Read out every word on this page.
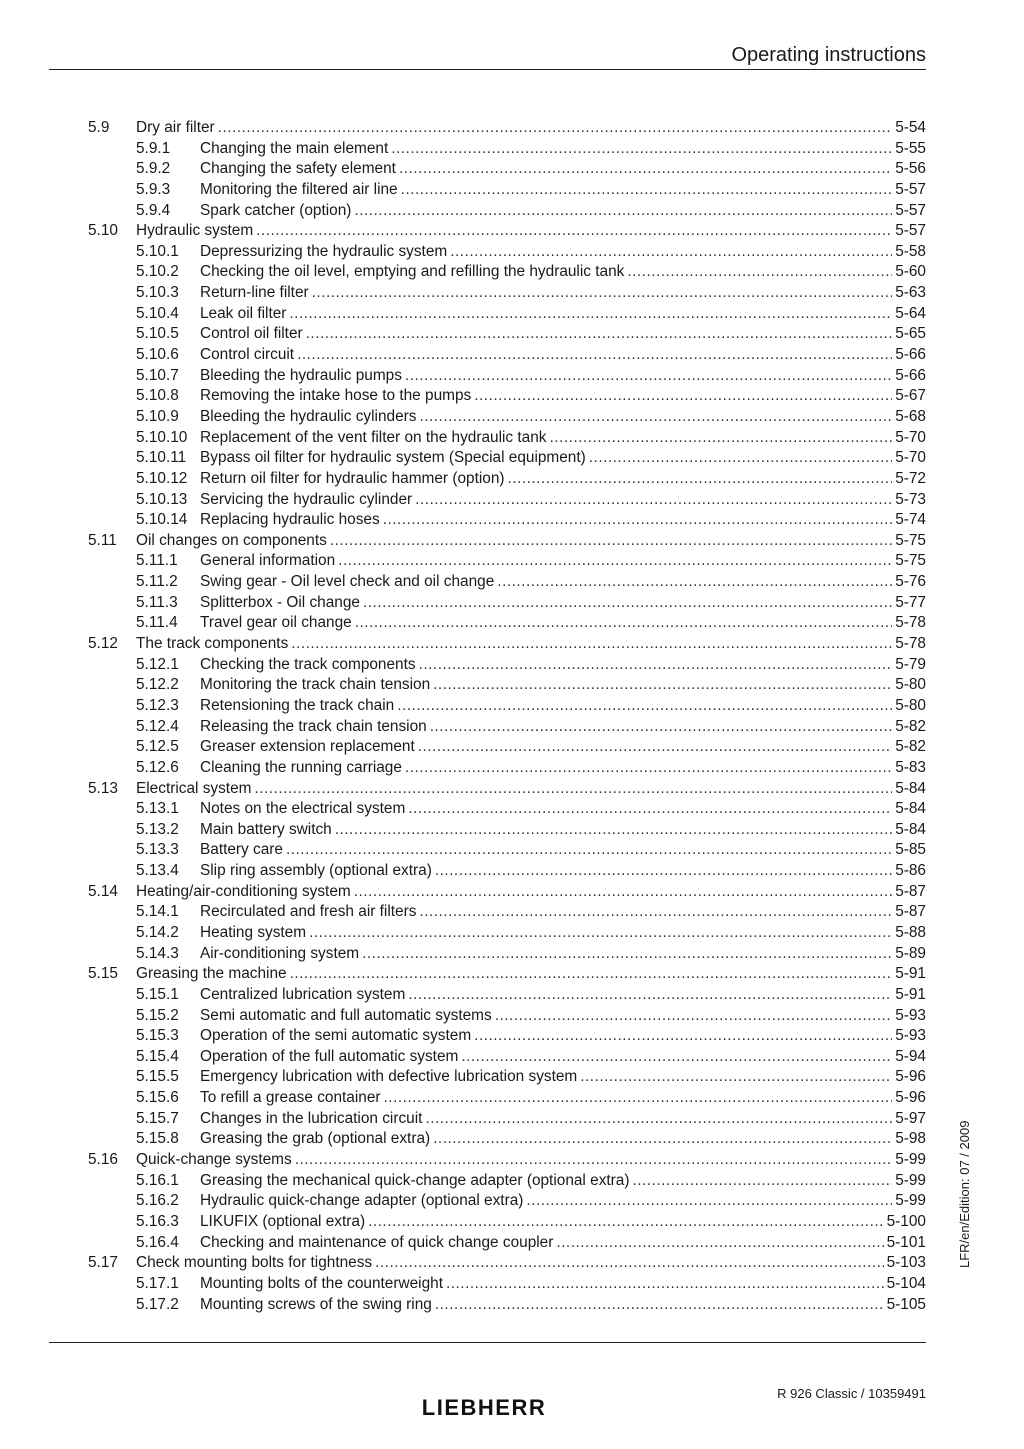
Operating instructions
5.9	Dry air filter .....	5-54
5.9.1	Changing the main element .....	5-55
5.9.2	Changing the safety element .....	5-56
5.9.3	Monitoring the filtered air line .....	5-57
5.9.4	Spark catcher (option) .....	5-57
5.10	Hydraulic system .....	5-57
5.10.1	Depressurizing the hydraulic system .....	5-58
5.10.2	Checking the oil level, emptying and refilling the hydraulic tank .....	5-60
5.10.3	Return-line filter .....	5-63
5.10.4	Leak oil filter .....	5-64
5.10.5	Control oil filter .....	5-65
5.10.6	Control circuit .....	5-66
5.10.7	Bleeding the hydraulic pumps .....	5-66
5.10.8	Removing the intake hose to the pumps .....	5-67
5.10.9	Bleeding the hydraulic cylinders .....	5-68
5.10.10 Replacement of the vent filter on the hydraulic tank .....	5-70
5.10.11 Bypass oil filter for hydraulic system (Special equipment) .....	5-70
5.10.12 Return oil filter for hydraulic hammer (option) .....	5-72
5.10.13 Servicing the hydraulic cylinder .....	5-73
5.10.14 Replacing hydraulic hoses .....	5-74
5.11	Oil changes on components .....	5-75
5.11.1	General information .....	5-75
5.11.2	Swing gear - Oil level check and oil change .....	5-76
5.11.3	Splitterbox - Oil change .....	5-77
5.11.4	Travel gear oil change .....	5-78
5.12	The track components .....	5-78
5.12.1	Checking the track components .....	5-79
5.12.2	Monitoring the track chain tension .....	5-80
5.12.3	Retensioning the track chain .....	5-80
5.12.4	Releasing the track chain tension .....	5-82
5.12.5	Greaser extension replacement .....	5-82
5.12.6	Cleaning the running carriage .....	5-83
5.13	Electrical system .....	5-84
5.13.1	Notes on the electrical system .....	5-84
5.13.2	Main battery switch .....	5-84
5.13.3	Battery care .....	5-85
5.13.4	Slip ring assembly (optional extra) .....	5-86
5.14	Heating/air-conditioning system .....	5-87
5.14.1	Recirculated and fresh air filters .....	5-87
5.14.2	Heating system .....	5-88
5.14.3	Air-conditioning system .....	5-89
5.15	Greasing the machine .....	5-91
5.15.1	Centralized lubrication system .....	5-91
5.15.2	Semi automatic and full automatic systems .....	5-93
5.15.3	Operation of the semi automatic system .....	5-93
5.15.4	Operation of the full automatic system .....	5-94
5.15.5	Emergency lubrication with defective lubrication system .....	5-96
5.15.6	To refill a grease container .....	5-96
5.15.7	Changes in the lubrication circuit .....	5-97
5.15.8	Greasing the grab (optional extra) .....	5-98
5.16	Quick-change systems .....	5-99
5.16.1	Greasing the mechanical quick-change adapter (optional extra) .....	5-99
5.16.2	Hydraulic quick-change adapter (optional extra) .....	5-99
5.16.3	LIKUFIX (optional extra) .....	5-100
5.16.4	Checking and maintenance of quick change coupler .....	5-101
5.17	Check mounting bolts for tightness .....	5-103
5.17.1	Mounting bolts of the counterweight .....	5-104
5.17.2	Mounting screws of the swing ring .....	5-105
LFR/en/Edition: 07 / 2009
LIEBHERR
R 926 Classic / 10359491
